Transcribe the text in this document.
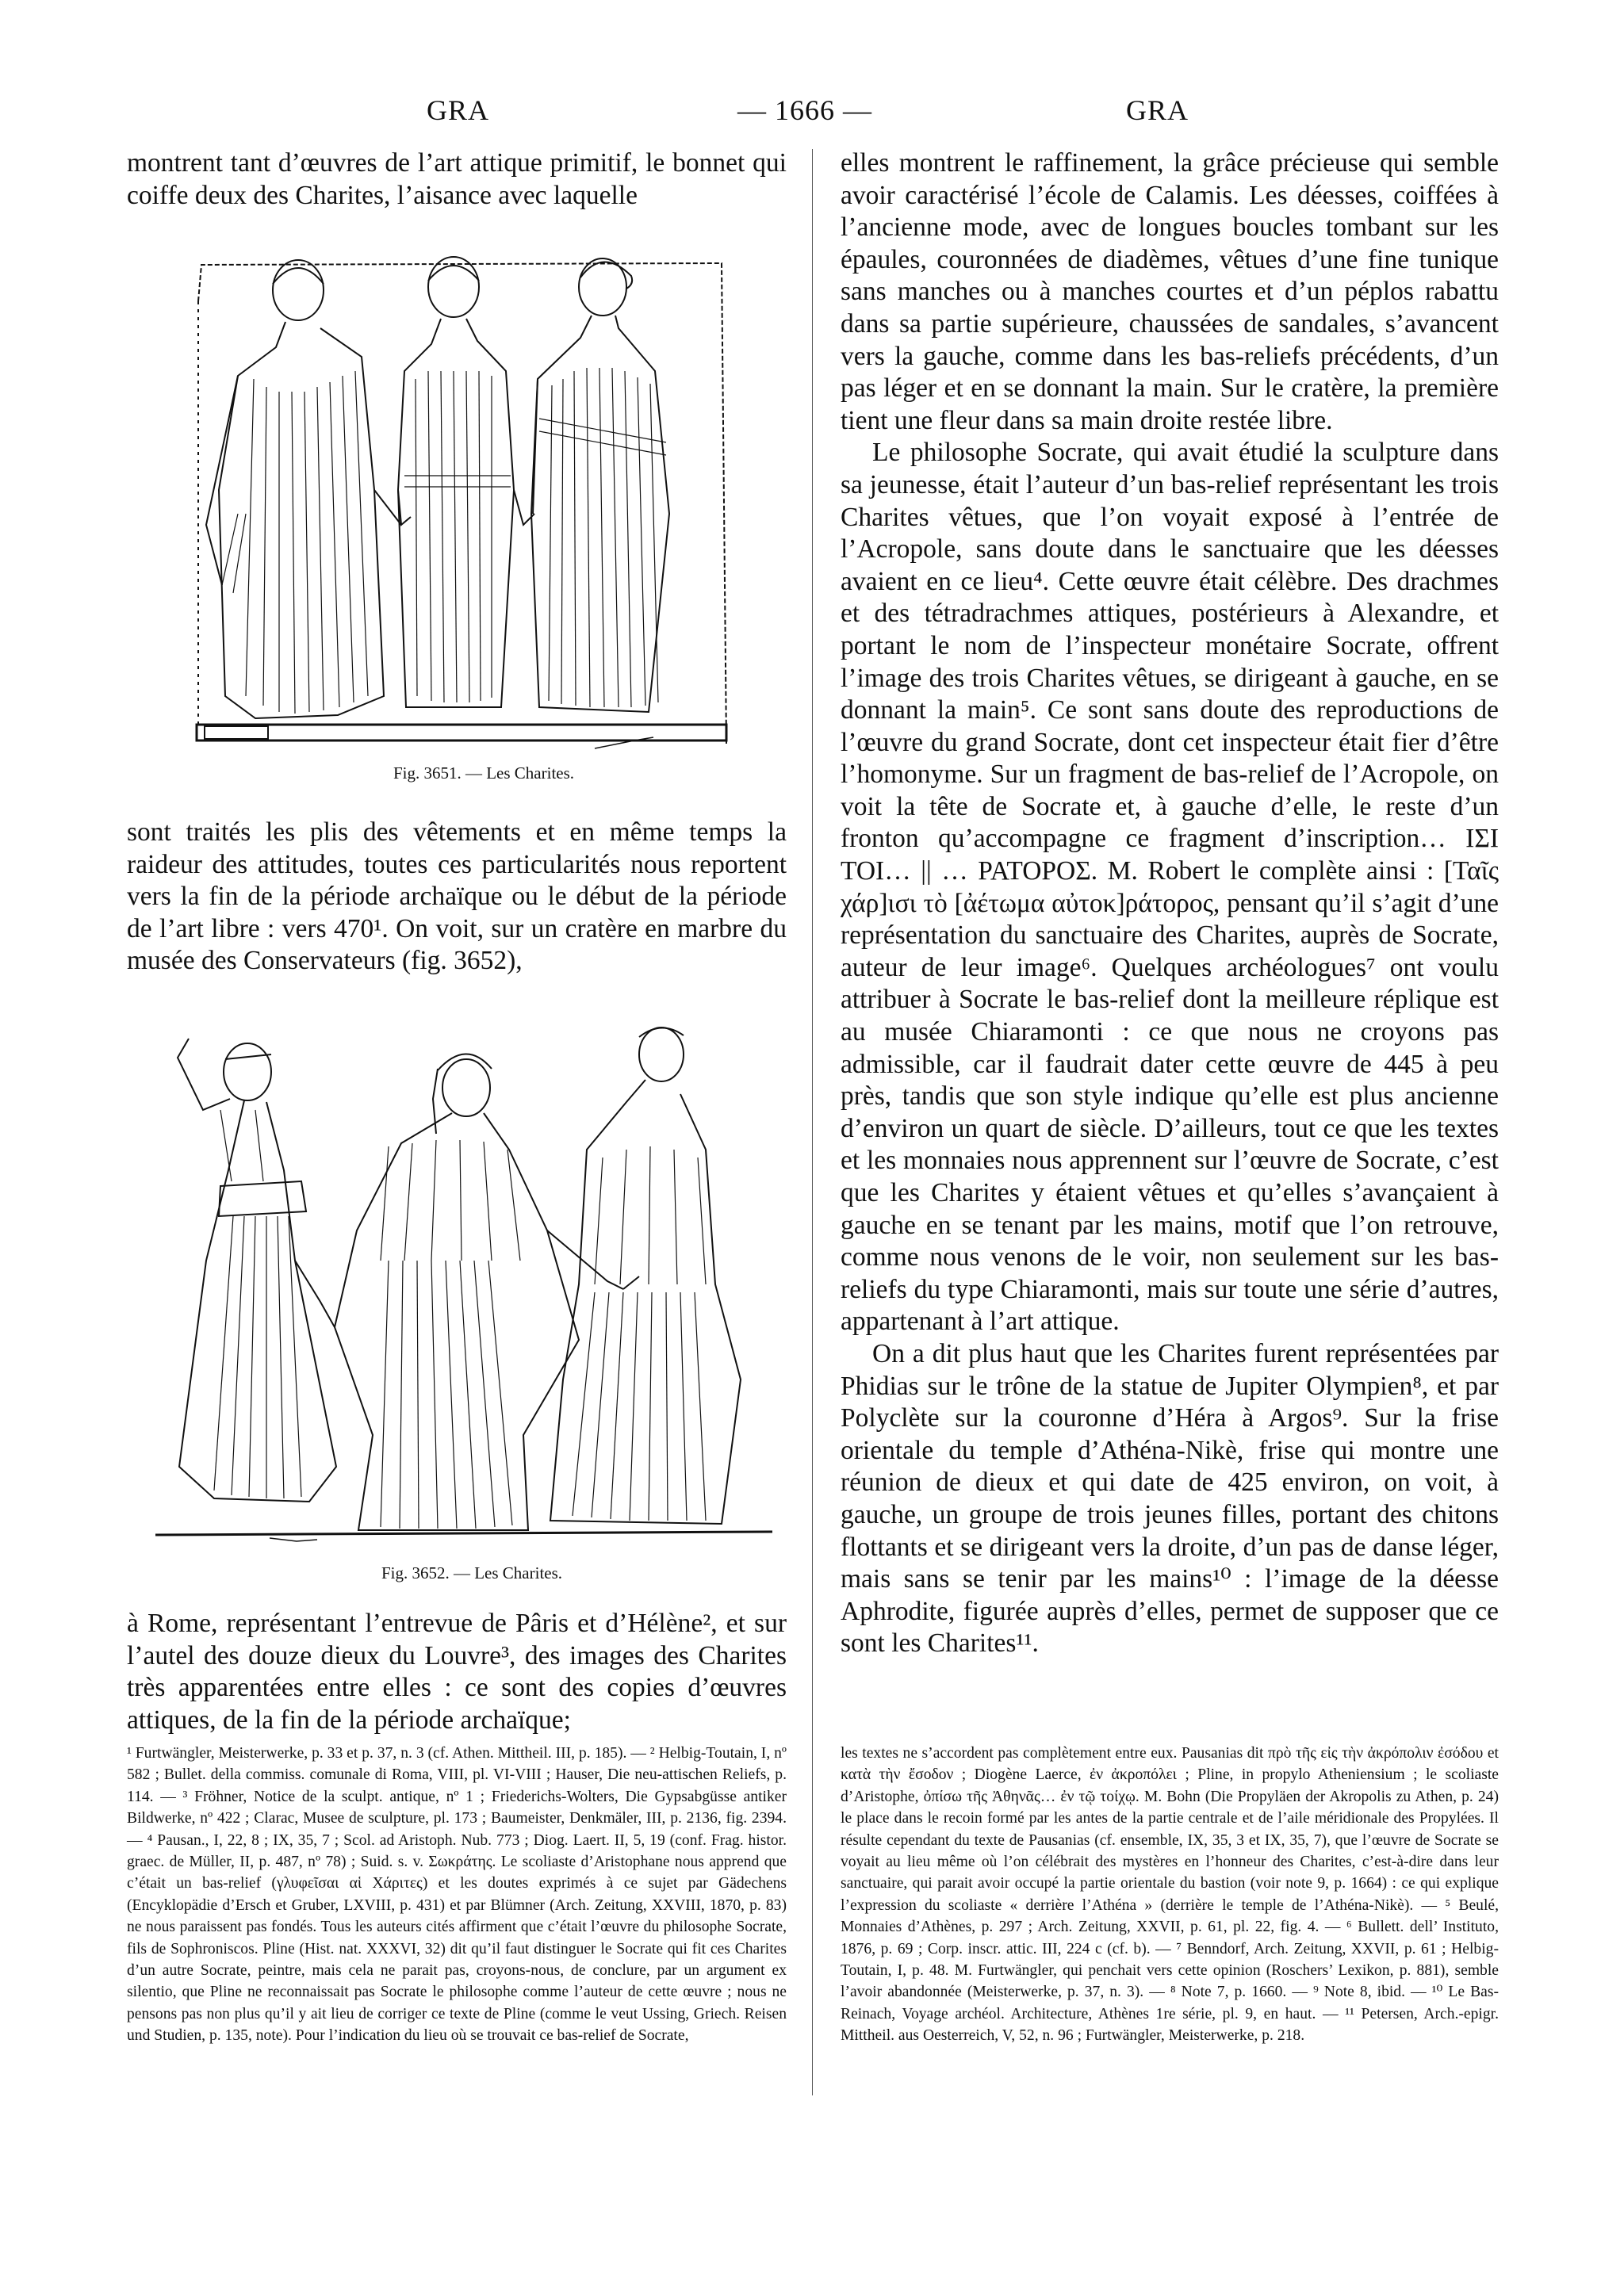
GRA	— 1666 —	GRA

montrent tant d’œuvres de l’art attique primitif, le bonnet qui coiffe deux des Charites, l’aisance avec laquelle

Fig. 3651. — Les Charites.

sont traités les plis des vêtements et en même temps la raideur des attitudes, toutes ces particularités nous reportent vers la fin de la période archaïque ou le début de la période de l’art libre : vers 470¹. On voit, sur un cratère en marbre du musée des Conservateurs (fig. 3652),

Fig. 3652. — Les Charites.

à Rome, représentant l’entrevue de Pâris et d’Hélène², et sur l’autel des douze dieux du Louvre³, des images des Charites très apparentées entre elles : ce sont des copies d’œuvres attiques, de la fin de la période archaïque;

¹ Furtwängler, Meisterwerke, p. 33 et p. 37, n. 3 (cf. Athen. Mittheil. III, p. 185). — ² Helbig-Toutain, I, nº 582 ; Bullet. della commiss. comunale di Roma, VIII, pl. VI-VIII ; Hauser, Die neu-attischen Reliefs, p. 114. — ³ Fröhner, Notice de la sculpt. antique, nº 1 ; Friederichs-Wolters, Die Gypsabgüsse antiker Bildwerke, nº 422 ; Clarac, Musee de sculpture, pl. 173 ; Baumeister, Denkmäler, III, p. 2136, fig. 2394. — ⁴ Pausan., I, 22, 8 ; IX, 35, 7 ; Scol. ad Aristoph. Nub. 773 ; Diog. Laert. II, 5, 19 (conf. Frag. histor. graec. de Müller, II, p. 487, nº 78) ; Suid. s. v. Σωκράτης. Le scoliaste d’Aristophane nous apprend que c’était un bas-relief (γλυφεῖσαι αἱ Χάριτες) et les doutes exprimés à ce sujet par Gädechens (Encyklopädie d’Ersch et Gruber, LXVIII, p. 431) et par Blümner (Arch. Zeitung, XXVIII, 1870, p. 83) ne nous paraissent pas fondés. Tous les auteurs cités affirment que c’était l’œuvre du philosophe Socrate, fils de Sophroniscos. Pline (Hist. nat. XXXVI, 32) dit qu’il faut distinguer le Socrate qui fit ces Charites d’un autre Socrate, peintre, mais cela ne parait pas, croyons-nous, de conclure, par un argument ex silentio, que Pline ne reconnaissait pas Socrate le philosophe comme l’auteur de cette œuvre ; nous ne pensons pas non plus qu’il y ait lieu de corriger ce texte de Pline (comme le veut Ussing, Griech. Reisen und Studien, p. 135, note). Pour l’indication du lieu où se trouvait ce bas-relief de Socrate,

elles montrent le raffinement, la grâce précieuse qui semble avoir caractérisé l’école de Calamis. Les déesses, coiffées à l’ancienne mode, avec de longues boucles tombant sur les épaules, couronnées de diadèmes, vêtues d’une fine tunique sans manches ou à manches courtes et d’un péplos rabattu dans sa partie supérieure, chaussées de sandales, s’avancent vers la gauche, comme dans les bas-reliefs précédents, d’un pas léger et en se donnant la main. Sur le cratère, la première tient une fleur dans sa main droite restée libre.

Le philosophe Socrate, qui avait étudié la sculpture dans sa jeunesse, était l’auteur d’un bas-relief représentant les trois Charites vêtues, que l’on voyait exposé à l’entrée de l’Acropole, sans doute dans le sanctuaire que les déesses avaient en ce lieu⁴. Cette œuvre était célèbre. Des drachmes et des tétradrachmes attiques, postérieurs à Alexandre, et portant le nom de l’inspecteur monétaire Socrate, offrent l’image des trois Charites vêtues, se dirigeant à gauche, en se donnant la main⁵. Ce sont sans doute des reproductions de l’œuvre du grand Socrate, dont cet inspecteur était fier d’être l’homonyme. Sur un fragment de bas-relief de l’Acropole, on voit la tête de Socrate et, à gauche d’elle, le reste d’un fronton qu’accompagne ce fragment d’inscription… ΙΣΙ ΤΟΙ… || … ΡΑΤΟΡΟΣ. M. Robert le complète ainsi : [Ταῖς χάρ]ισι τὸ [ἀέτωμα αὐτοκ]ράτορος, pensant qu’il s’agit d’une représentation du sanctuaire des Charites, auprès de Socrate, auteur de leur image⁶. Quelques archéologues⁷ ont voulu attribuer à Socrate le bas-relief dont la meilleure réplique est au musée Chiaramonti : ce que nous ne croyons pas admissible, car il faudrait dater cette œuvre de 445 à peu près, tandis que son style indique qu’elle est plus ancienne d’environ un quart de siècle. D’ailleurs, tout ce que les textes et les monnaies nous apprennent sur l’œuvre de Socrate, c’est que les Charites y étaient vêtues et qu’elles s’avançaient à gauche en se tenant par les mains, motif que l’on retrouve, comme nous venons de le voir, non seulement sur les bas-reliefs du type Chiaramonti, mais sur toute une série d’autres, appartenant à l’art attique.

On a dit plus haut que les Charites furent représentées par Phidias sur le trône de la statue de Jupiter Olympien⁸, et par Polyclète sur la couronne d’Héra à Argos⁹. Sur la frise orientale du temple d’Athéna-Nikè, frise qui montre une réunion de dieux et qui date de 425 environ, on voit, à gauche, un groupe de trois jeunes filles, portant des chitons flottants et se dirigeant vers la droite, d’un pas de danse léger, mais sans se tenir par les mains¹⁰ : l’image de la déesse Aphrodite, figurée auprès d’elles, permet de supposer que ce sont les Charites¹¹.

les textes ne s’accordent pas complètement entre eux. Pausanias dit πρὸ τῆς εἰς τὴν ἀκρόπολιν ἐσόδου et κατὰ τὴν ἔσοδον ; Diogène Laerce, ἐν ἀκροπόλει ; Pline, in propylo Atheniensium ; le scoliaste d’Aristophe, ὀπίσω τῆς Ἀθηνᾶς… ἐν τῷ τοίχῳ. M. Bohn (Die Propyläen der Akropolis zu Athen, p. 24) le place dans le recoin formé par les antes de la partie centrale et de l’aile méridionale des Propylées. Il résulte cependant du texte de Pausanias (cf. ensemble, IX, 35, 3 et IX, 35, 7), que l’œuvre de Socrate se voyait au lieu même où l’on célébrait des mystères en l’honneur des Charites, c’est-à-dire dans leur sanctuaire, qui parait avoir occupé la partie orientale du bastion (voir note 9, p. 1664) : ce qui explique l’expression du scoliaste « derrière l’Athéna » (derrière le temple de l’Athéna-Nikè). — ⁵ Beulé, Monnaies d’Athènes, p. 297 ; Arch. Zeitung, XXVII, p. 61, pl. 22, fig. 4. — ⁶ Bullett. dell’ Instituto, 1876, p. 69 ; Corp. inscr. attic. III, 224 c (cf. b). — ⁷ Benndorf, Arch. Zeitung, XXVII, p. 61 ; Helbig-Toutain, I, p. 48. M. Furtwängler, qui penchait vers cette opinion (Roschers’ Lexikon, p. 881), semble l’avoir abandonnée (Meisterwerke, p. 37, n. 3). — ⁸ Note 7, p. 1660. — ⁹ Note 8, ibid. — ¹⁰ Le Bas-Reinach, Voyage archéol. Architecture, Athènes 1re série, pl. 9, en haut. — ¹¹ Petersen, Arch.-epigr. Mittheil. aus Oesterreich, V, 52, n. 96 ; Furtwängler, Meisterwerke, p. 218.
